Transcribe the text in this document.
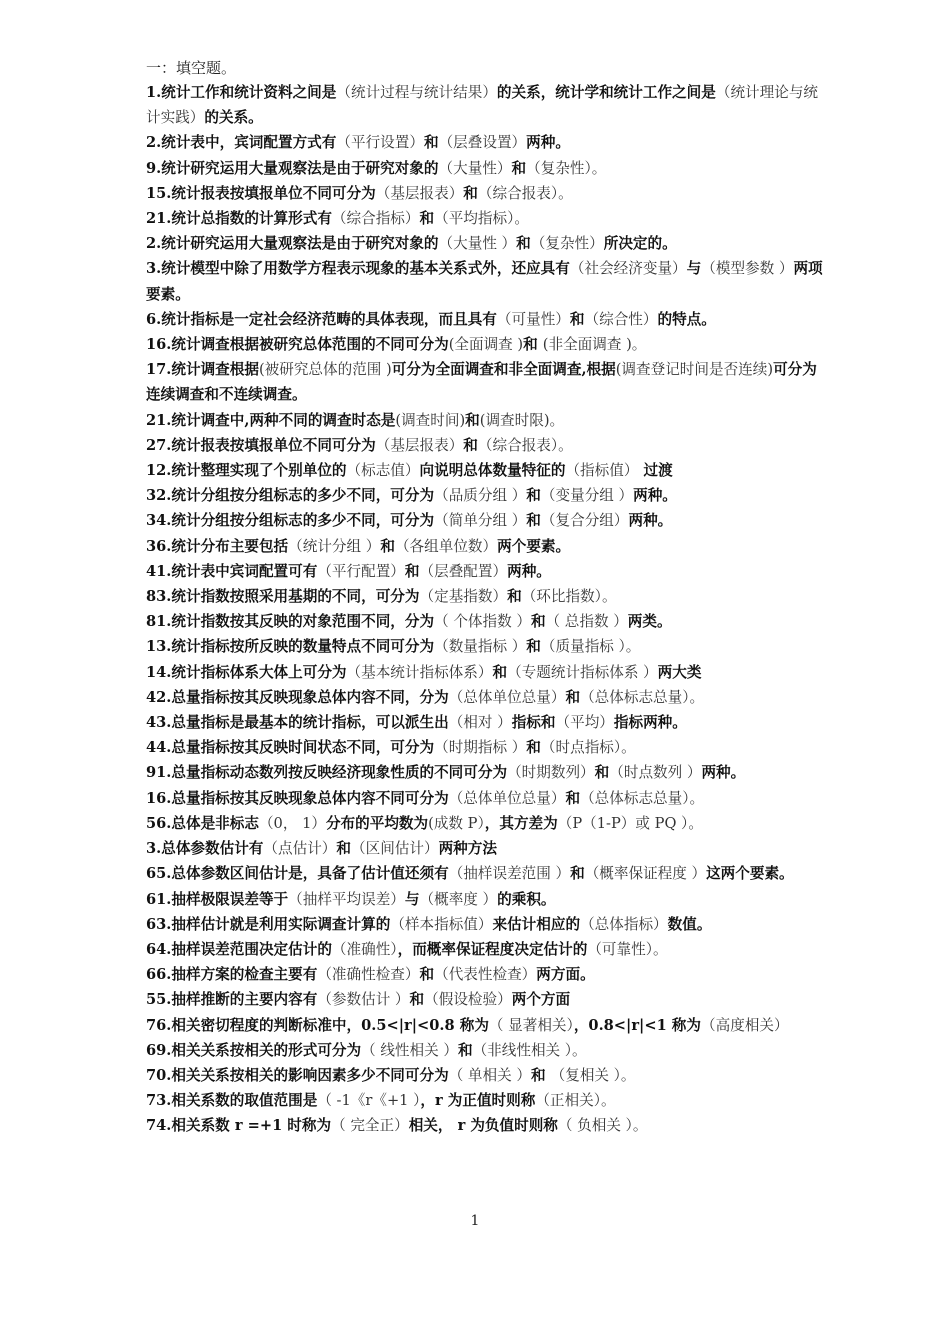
一：填空题。
1.统计工作和统计资料之间是（统计过程与统计结果）的关系，统计学和统计工作之间是（统计理论与统计实践）的关系。
2.统计表中，宾词配置方式有（平行设置）和（层叠设置）两种。
9.统计研究运用大量观察法是由于研究对象的（大量性）和（复杂性）。
15.统计报表按填报单位不同可分为（基层报表）和（综合报表）。
21.统计总指数的计算形式有（综合指标）和（平均指标）。
2.统计研究运用大量观察法是由于研究对象的（大量性 ）和（复杂性）所决定的。
3.统计模型中除了用数学方程表示现象的基本关系式外，还应具有（社会经济变量）与（模型参数 ）两项要素。
6.统计指标是一定社会经济范畴的具体表现，而且具有（可量性）和（综合性）的特点。
16.统计调查根据被研究总体范围的不同可分为(全面调查 )和 (非全面调查 )。
17.统计调查根据(被研究总体的范围 )可分为全面调查和非全面调查,根据(调查登记时间是否连续)可分为连续调查和不连续调查。
21.统计调查中,两种不同的调查时态是(调查时间)和(调查时限)。
27.统计报表按填报单位不同可分为（基层报表）和（综合报表）。
12.统计整理实现了个别单位的（标志值）向说明总体数量特征的（指标值） 过渡
32.统计分组按分组标志的多少不同，可分为（品质分组 ）和（变量分组 ）两种。
34.统计分组按分组标志的多少不同，可分为（简单分组 ）和（复合分组）两种。
36.统计分布主要包括（统计分组 ）和（各组单位数）两个要素。
41.统计表中宾词配置可有（平行配置）和（层叠配置）两种。
83.统计指数按照采用基期的不同，可分为（定基指数）和（环比指数）。
81.统计指数按其反映的对象范围不同，分为（ 个体指数 ）和（ 总指数 ）两类。
13.统计指标按所反映的数量特点不同可分为（数量指标 ）和（质量指标 ）。
14.统计指标体系大体上可分为（基本统计指标体系）和（专题统计指标体系 ）两大类
42.总量指标按其反映现象总体内容不同，分为（总体单位总量）和（总体标志总量）。
43.总量指标是最基本的统计指标，可以派生出（相对 ）指标和（平均）指标两种。
44.总量指标按其反映时间状态不同，可分为（时期指标 ）和（时点指标）。
91.总量指标动态数列按反映经济现象性质的不同可分为（时期数列）和（时点数列 ）两种。
16.总量指标按其反映现象总体内容不同可分为（总体单位总量）和（总体标志总量）。
56.总体是非标志（0， 1）分布的平均数为(成数 P），其方差为（P（1-P）或 PQ ）。
3.总体参数估计有（点估计）和（区间估计）两种方法
65.总体参数区间估计是，具备了估计值还须有（抽样误差范围 ）和（概率保证程度 ）这两个要素。
61.抽样极限误差等于（抽样平均误差）与（概率度 ）的乘积。
63.抽样估计就是利用实际调查计算的（样本指标值）来估计相应的（总体指标）数值。
64.抽样误差范围决定估计的（准确性），而概率保证程度决定估计的（可靠性）。
66.抽样方案的检查主要有（准确性检查）和（代表性检查）两方面。
55.抽样推断的主要内容有（参数估计 ）和（假设检验）两个方面
76.相关密切程度的判断标准中，0.5<|r|<0.8 称为（ 显著相关），0.8<|r|<1 称为（高度相关）
69.相关关系按相关的形式可分为（ 线性相关 ）和（非线性相关 ）。
70.相关关系按相关的影响因素多少不同可分为（ 单相关 ）和 （复相关 ）。
73.相关系数的取值范围是（ -1《r《+1 ），r 为正值时则称（正相关）。
74.相关系数 r =+1 时称为（ 完全正）相关， r 为负值时则称（ 负相关 ）。
1
